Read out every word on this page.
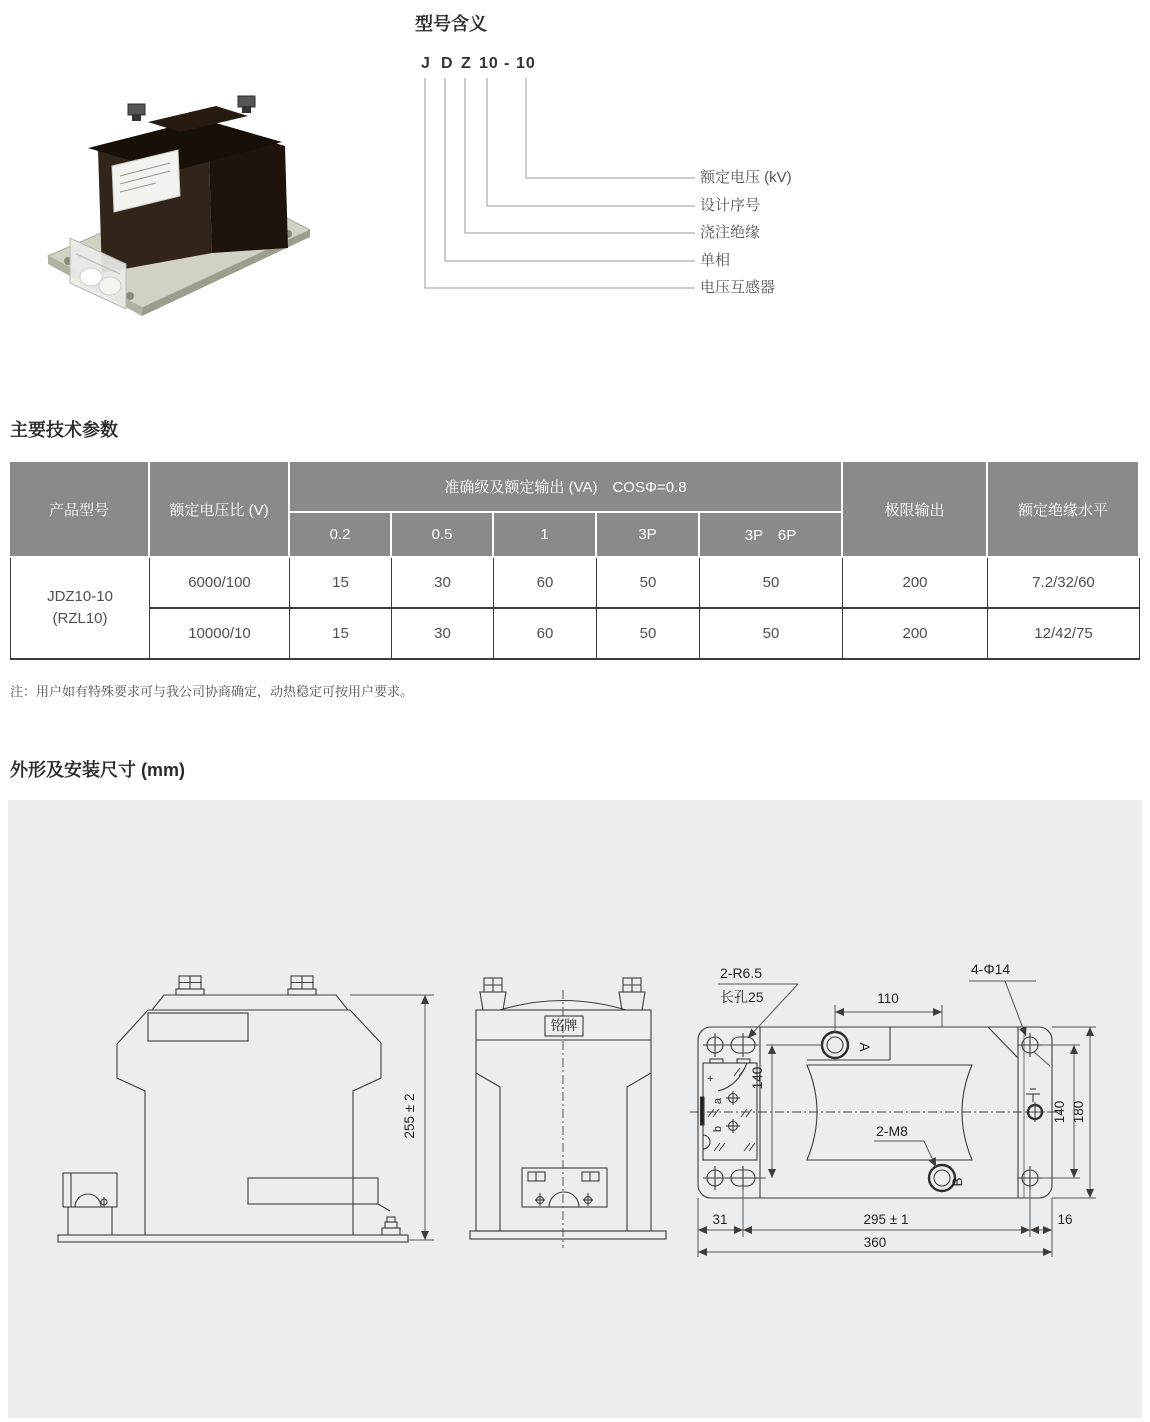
型号含义
J D Z 10 - 10
额定电压 (kV)
设计序号
浇注绝缘
单相
电压互感器
主要技术参数
产品型号	额定电压比 (V)	准确级及额定输出 (VA)　COSΦ=0.8					极限输出	额定绝缘水平
		0.2	0.5	1	3P	3P　6P		

JDZ10-10
(RZL10)	6000/100	15	30	60	50	50	200	7.2/32/60
	10000/10	15	30	60	50	50	200	12/42/75
注：用户如有特殊要求可与我公司协商确定，动热稳定可按用户要求。
外形及安装尺寸 (mm)
255 ± 2
铭牌
2-R6.5
长孔25
4-Φ14
110
140
2-M8
140 180
31	295 ± 1	16
360
A
B
+
a
b
